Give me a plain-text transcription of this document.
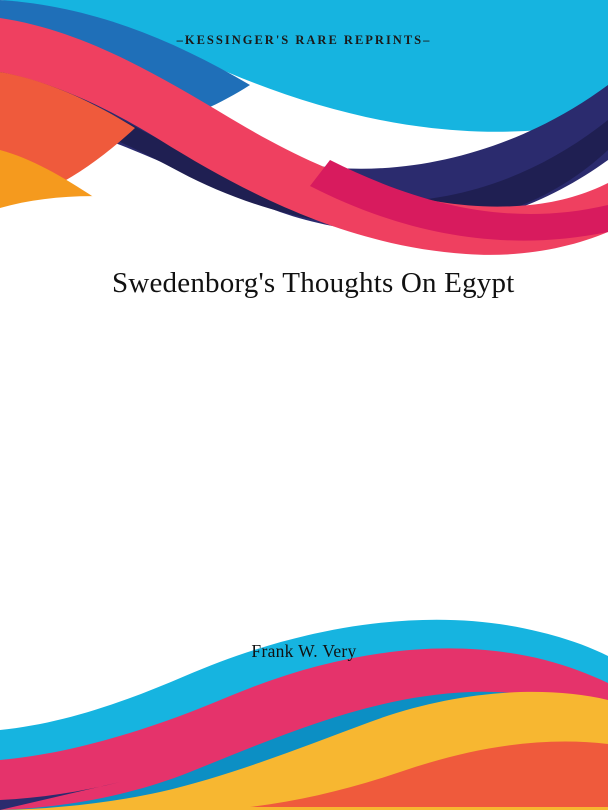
–KESSINGER'S RARE REPRINTS–
Swedenborg's Thoughts On Egypt
Frank W. Very
